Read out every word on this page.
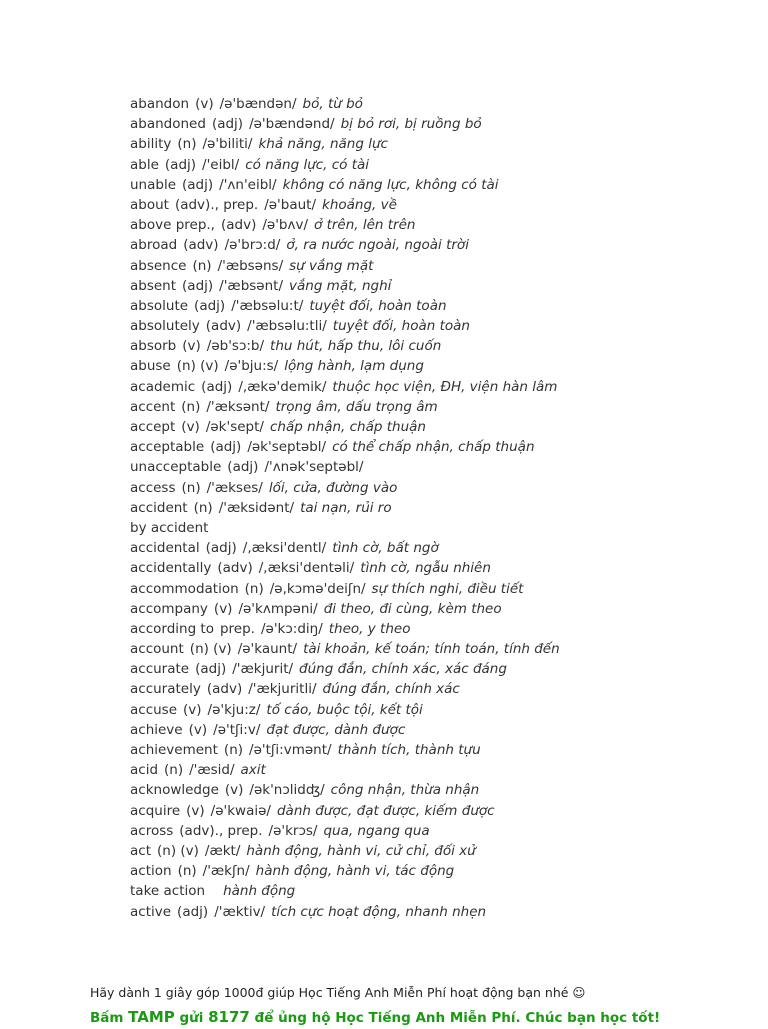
abandon (v) /ə'bændən/ bỏ, từ bỏ
abandoned (adj) /ə'bændənd/ bị bỏ rơi, bị ruồng bỏ
ability (n) /ə'biliti/ khả năng, năng lực
able (adj) /'eibl/ có năng lực, có tài
unable (adj) /'ʌn'eibl/ không có năng lực, không có tài
about (adv)., prep. /ə'baut/ khoảng, về
above prep., (adv) /ə'bʌv/ ở trên, lên trên
abroad (adv) /ə'brɔ:d/ ở, ra nước ngoài, ngoài trời
absence (n) /'æbsəns/ sự vắng mặt
absent (adj) /'æbsənt/ vắng mặt, nghỉ
absolute (adj) /'æbsəlu:t/ tuyệt đối, hoàn toàn
absolutely (adv) /'æbsəlu:tli/ tuyệt đối, hoàn toàn
absorb (v) /əb'sɔ:b/ thu hút, hấp thu, lôi cuốn
abuse (n) (v) /ə'bju:s/ lộng hành, lạm dụng
academic (adj) /,ækə'demik/ thuộc học viện, ĐH, viện hàn lâm
accent (n) /'æksənt/ trọng âm, dấu trọng âm
accept (v) /ək'sept/ chấp nhận, chấp thuận
acceptable (adj) /ək'septəbl/ có thể chấp nhận, chấp thuận
unacceptable (adj) /'ʌnək'septəbl/
access (n) /'ækses/ lối, cửa, đường vào
accident (n) /'æksidənt/ tai nạn, rủi ro
by accident
accidental (adj) /,æksi'dentl/ tình cờ, bất ngờ
accidentally (adv) /,æksi'dentəli/ tình cờ, ngẫu nhiên
accommodation (n) /ə,kɔmə'deiʃn/ sự thích nghi, điều tiết
accompany (v) /ə'kʌmpəni/ đi theo, đi cùng, kèm theo
according to prep. /ə'kɔ:diŋ/ theo, y theo
account (n) (v) /ə'kaunt/ tài khoản, kế toán; tính toán, tính đến
accurate (adj) /'ækjurit/ đúng đắn, chính xác, xác đáng
accurately (adv) /'ækjuritli/ đúng đắn, chính xác
accuse (v) /ə'kju:z/ tố cáo, buộc tội, kết tội
achieve (v) /ə'tʃi:v/ đạt được, dành được
achievement (n) /ə'tʃi:vmənt/ thành tích, thành tựu
acid (n) /'æsid/ axit
acknowledge (v) /ək'nɔlidʤ/ công nhận, thừa nhận
acquire (v) /ə'kwaiə/ dành được, đạt được, kiếm được
across (adv)., prep. /ə'krɔs/ qua, ngang qua
act (n) (v) /ækt/ hành động, hành vi, cử chỉ, đối xử
action (n) /'ækʃn/ hành động, hành vi, tác động
take action hành động
active (adj) /'æktiv/ tích cực hoạt động, nhanh nhẹn
Hãy dành 1 giây góp 1000đ giúp Học Tiếng Anh Miễn Phí hoạt động bạn nhé ☺
Bấm TAMP gửi 8177 để ủng hộ Học Tiếng Anh Miễn Phí. Chúc bạn học tốt!
